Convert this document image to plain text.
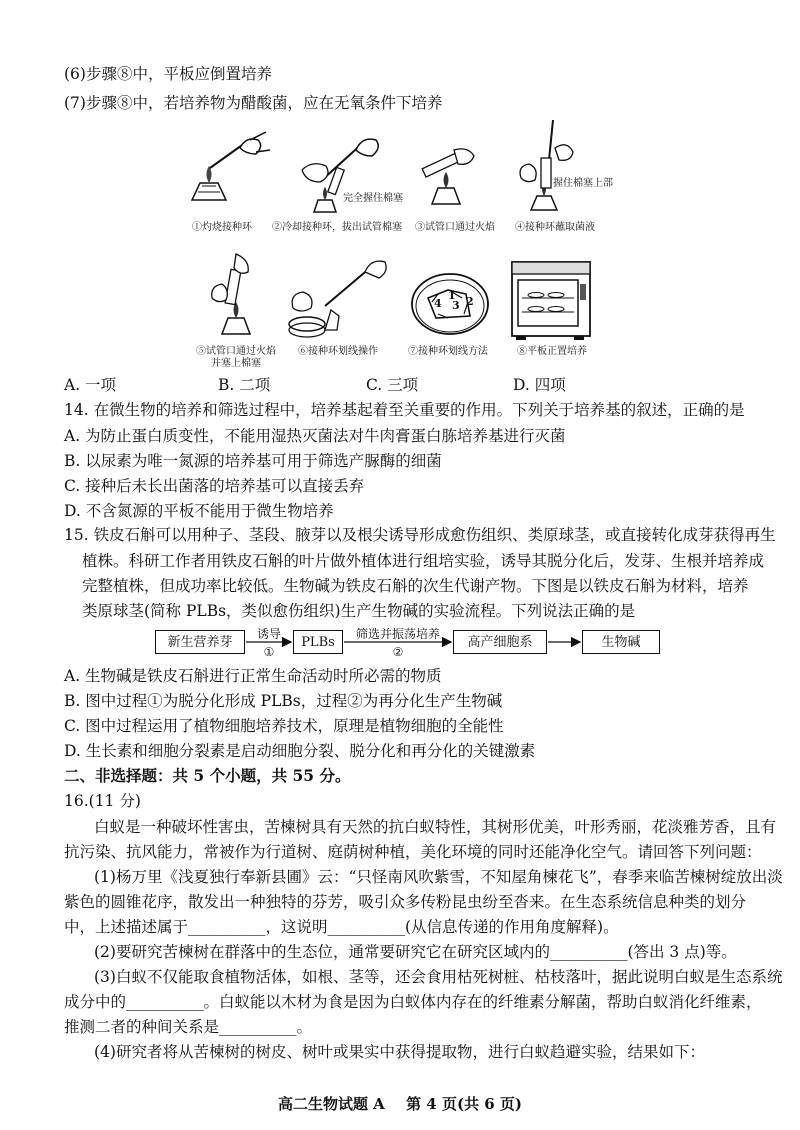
(6)步骤⑧中，平板应倒置培养
(7)步骤⑧中，若培养物为醋酸菌，应在无氧条件下培养
完全握住棉塞
握住棉塞上部
①灼烧接种环	②冷却接种环，拔出试管棉塞	③试管口通过火焰	④接种环蘸取菌液
4 3
1 2
⑤试管口通过火焰
并塞上棉塞
⑥接种环划线操作	⑦接种环划线方法	⑧平板正置培养
A. 一项	B. 二项	C. 三项	D. 四项
14. 在微生物的培养和筛选过程中，培养基起着至关重要的作用。下列关于培养基的叙述，正确的是
A. 为防止蛋白质变性，不能用湿热灭菌法对牛肉膏蛋白胨培养基进行灭菌
B. 以尿素为唯一氮源的培养基可用于筛选产脲酶的细菌
C. 接种后未长出菌落的培养基可以直接丢弃
D. 不含氮源的平板不能用于微生物培养
15. 铁皮石斛可以用种子、茎段、腋芽以及根尖诱导形成愈伤组织、类原球茎，或直接转化成芽获得再生
植株。科研工作者用铁皮石斛的叶片做外植体进行组培实验，诱导其脱分化后，发芽、生根并培养成
完整植株，但成功率比较低。生物碱为铁皮石斛的次生代谢产物。下图是以铁皮石斛为材料，培养
类原球茎(简称 PLBs，类似愈伤组织)生产生物碱的实验流程。下列说法正确的是
新生营养芽	PLBs	高产细胞系	生物碱
诱导
①
筛选并振荡培养
②
A. 生物碱是铁皮石斛进行正常生命活动时所必需的物质
B. 图中过程①为脱分化形成 PLBs，过程②为再分化生产生物碱
C. 图中过程运用了植物细胞培养技术，原理是植物细胞的全能性
D. 生长素和细胞分裂素是启动细胞分裂、脱分化和再分化的关键激素
二、非选择题：共 5 个小题，共 55 分。
16.(11 分)
白蚁是一种破坏性害虫，苦楝树具有天然的抗白蚁特性，其树形优美，叶形秀丽，花淡雅芳香，且有
抗污染、抗风能力，常被作为行道树、庭荫树种植，美化环境的同时还能净化空气。请回答下列问题：
(1)杨万里《浅夏独行奉新县圃》云：“只怪南风吹紫雪，不知屋角楝花飞”，春季来临苦楝树绽放出淡
紫色的圆锥花序，散发出一种独特的芬芳，吸引众多传粉昆虫纷至沓来。在生态系统信息种类的划分
中，上述描述属于__________，这说明__________(从信息传递的作用角度解释)。
(2)要研究苦楝树在群落中的生态位，通常要研究它在研究区域内的__________(答出 3 点)等。
(3)白蚁不仅能取食植物活体，如根、茎等，还会食用枯死树桩、枯枝落叶，据此说明白蚁是生态系统
成分中的__________。白蚁能以木材为食是因为白蚁体内存在的纤维素分解菌，帮助白蚁消化纤维素，
推测二者的种间关系是__________。
(4)研究者将从苦楝树的树皮、树叶或果实中获得提取物，进行白蚁趋避实验，结果如下：
高二生物试题 A 第 4 页(共 6 页)
